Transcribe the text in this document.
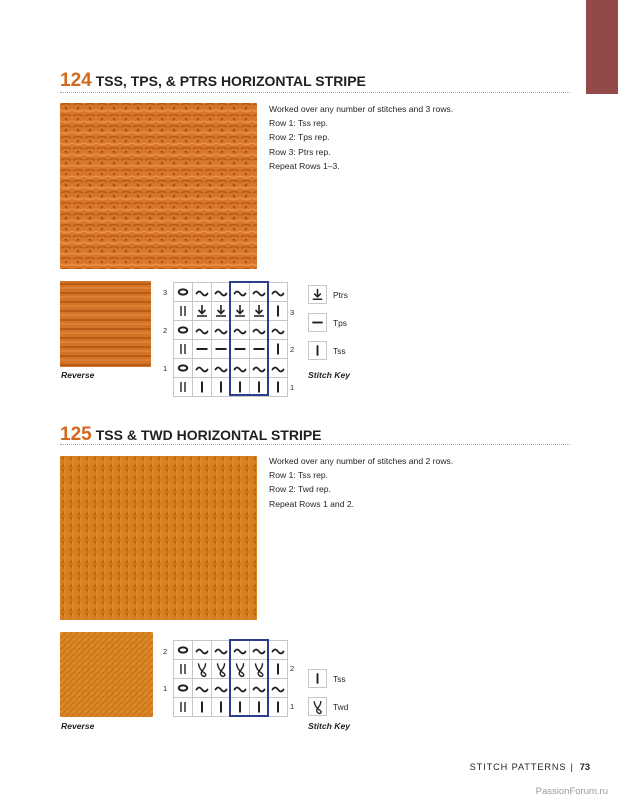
124 TSS, TPS, & PTRS HORIZONTAL STRIPE
Worked over any number of stitches and 3 rows.
Row 1: Tss rep.
Row 2: Tps rep.
Row 3: Ptrs rep.
Repeat Rows 1–3.
Reverse
3
2
1
3
2
1
Ptrs
Tps
Tss
Stitch Key
125 TSS & TWD HORIZONTAL STRIPE
Worked over any number of stitches and 2 rows.
Row 1: Tss rep.
Row 2: Twd rep.
Repeat Rows 1 and 2.
Reverse
2
1
2
1
Tss
Twd
Stitch Key
STITCH PATTERNS | 73
PassionForum.ru
